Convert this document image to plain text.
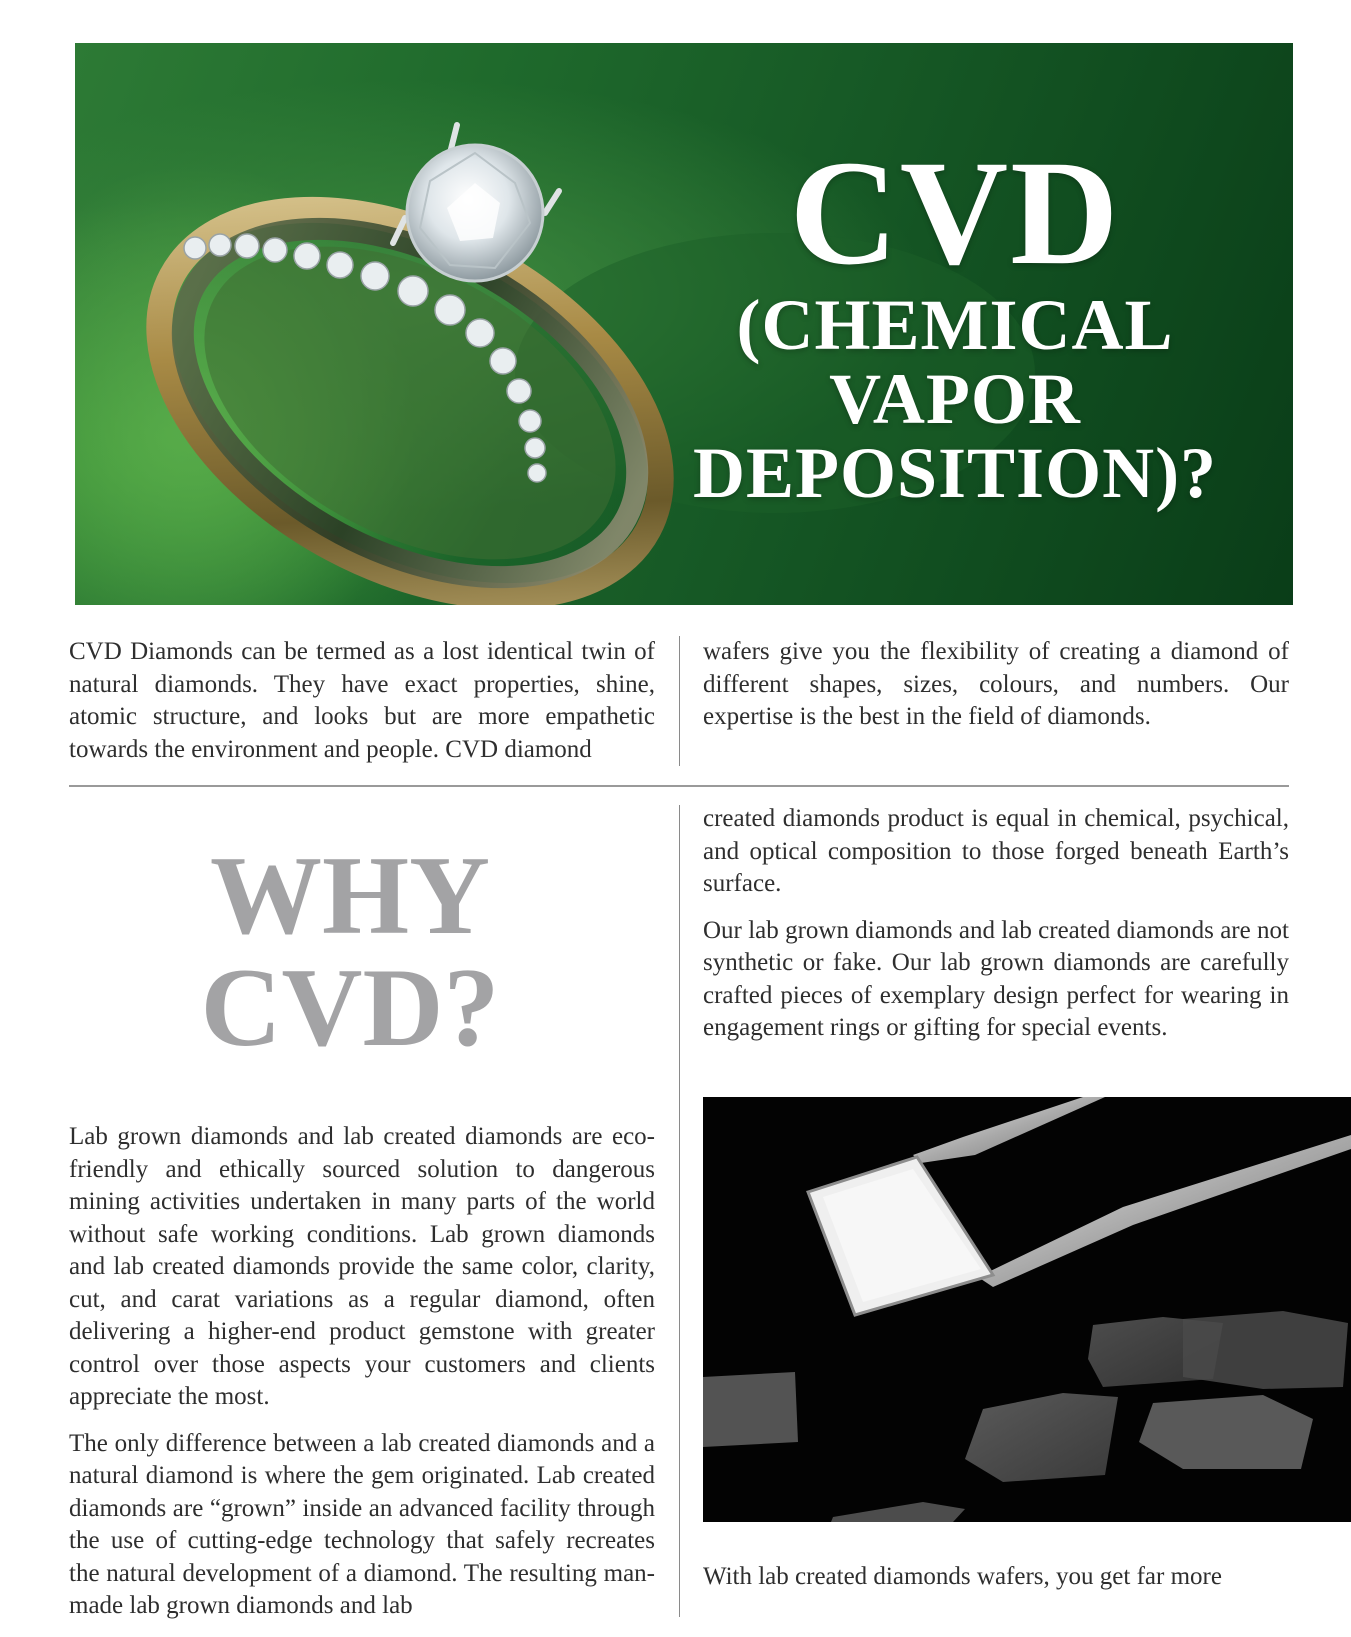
CVD
(CHEMICAL
VAPOR
DEPOSITION)?

CVD Diamonds can be termed as a lost identical twin of natural diamonds. They have exact properties, shine, atomic structure, and looks but are more empathetic towards the environment and people. CVD diamond

wafers give you the flexibility of creating a diamond of different shapes, sizes, colours, and numbers. Our expertise is the best in the field of diamonds.

WHY
CVD?

Lab grown diamonds and lab created diamonds are eco-friendly and ethically sourced solution to dangerous mining activities undertaken in many parts of the world without safe working conditions. Lab grown diamonds and lab created diamonds provide the same color, clarity, cut, and carat variations as a regular diamond, often delivering a higher-end product gemstone with greater control over those aspects your customers and clients appreciate the most.

The only difference between a lab created diamonds and a natural diamond is where the gem originated. Lab created diamonds are “grown” inside an advanced facility through the use of cutting-edge technology that safely recreates the natural development of a diamond. The resulting man-made lab grown diamonds and lab

created diamonds product is equal in chemical, psychical, and optical composition to those forged beneath Earth’s surface.

Our lab grown diamonds and lab created diamonds are not synthetic or fake. Our lab grown diamonds are carefully crafted pieces of exemplary design perfect for wearing in engagement rings or gifting for special events.

With lab created diamonds wafers, you get far more
